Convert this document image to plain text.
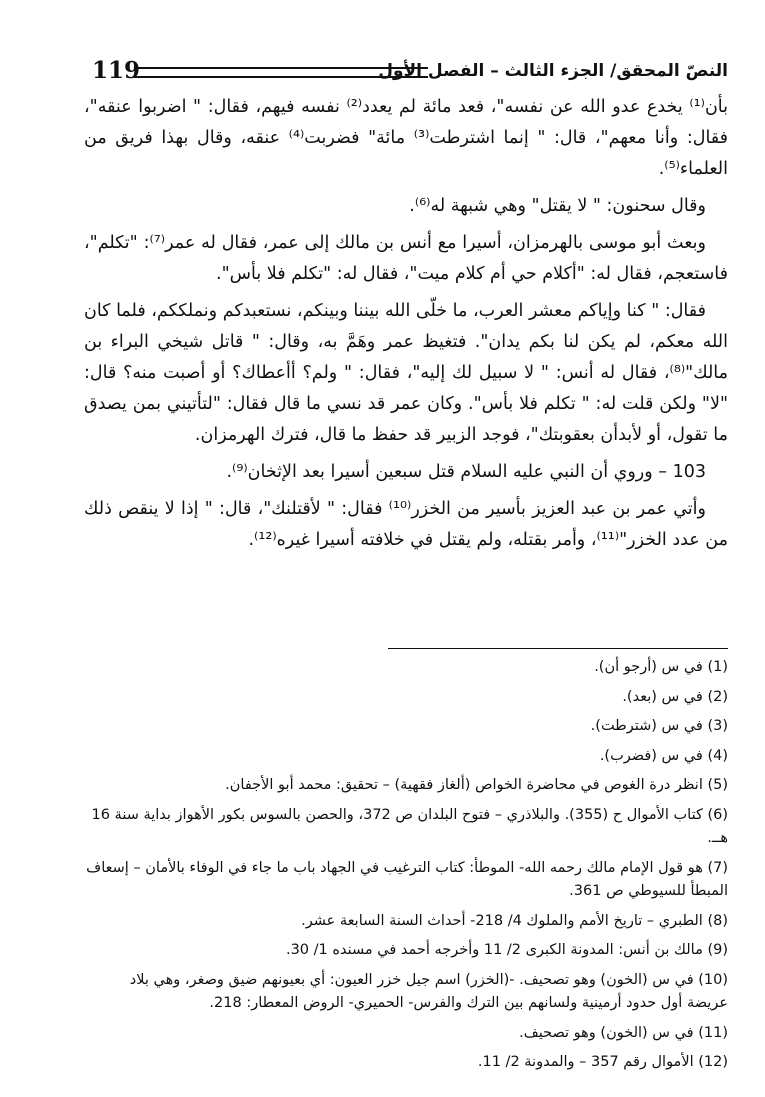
119	النصّ المحقق/ الجزء الثالث – الفصل الأول

بأن⁽¹⁾ يخدع عدو الله عن نفسه"، فعد مائة لم يعدد⁽²⁾ نفسه فيهم، فقال: " اضربوا عنقه"، فقال: وأنا معهم"، قال: " إنما اشترطت⁽³⁾ مائة" فضربت⁽⁴⁾ عنقه، وقال بهذا فريق من العلماء⁽⁵⁾.

وقال سحنون: " لا يقتل" وهي شبهة له⁽⁶⁾.

وبعث أبو موسى بالهرمزان، أسيرا مع أنس بن مالك إلى عمر، فقال له عمر⁽⁷⁾: "تكلم"، فاستعجم، فقال له: "أكلام حي أم كلام ميت"، فقال له: "تكلم فلا بأس".

فقال: " كنا وإياكم معشر العرب، ما خلّى الله بيننا وبينكم، نستعبدكم ونملككم، فلما كان الله معكم، لم يكن لنا بكم يدان". فتغيظ عمر وهَمَّ به، وقال: " قاتل شيخي البراء بن مالك"⁽⁸⁾، فقال له أنس: " لا سبيل لك إليه"، فقال: " ولم؟ أأعطاك؟ أو أصبت منه؟ قال: "لا" ولكن قلت له: " تكلم فلا بأس". وكان عمر قد نسي ما قال فقال: "لتأتيني بمن يصدق ما تقول، أو لأبدأن بعقوبتك"، فوجد الزبير قد حفظ ما قال، فترك الهرمزان.

103 – وروي أن النبي عليه السلام قتل سبعين أسيرا بعد الإثخان⁽⁹⁾.

وأتي عمر بن عبد العزيز بأسير من الخزر⁽¹⁰⁾ فقال: " لأقتلنك"، قال: " إذا لا ينقص ذلك من عدد الخزر"⁽¹¹⁾، وأمر بقتله، ولم يقتل في خلافته أسيرا غيره⁽¹²⁾.

(1) في س (أرجو أن).
(2) في س (بعد).
(3) في س (شترطت).
(4) في س (فضرب).
(5) انظر درة الغوص في محاضرة الخواص (ألغاز فقهية) – تحقيق: محمد أبو الأجفان.
(6) كتاب الأموال ح (355). والبلاذري – فتوح البلدان ص 372، والحصن بالسوس بكور الأهواز بداية سنة 16 هــ.
(7) هو قول الإمام مالك رحمه الله- الموطأ: كتاب الترغيب في الجهاد باب ما جاء في الوفاء بالأمان – إسعاف المبطأ للسيوطي ص 361.
(8) الطبري – تاريخ الأمم والملوك 4/ 218- أحداث السنة السابعة عشر.
(9) مالك بن أنس: المدونة الكبرى 2/ 11 وأخرجه أحمد في مسنده 1/ 30.
(10) في س (الخون) وهو تصحيف. -(الخزر) اسم جيل خزر العيون: أي بعيونهم ضيق وصغر، وهي بلاد عريضة أول حدود أرمينية ولسانهم بين الترك والفرس- الحميري- الروض المعطار: 218.
(11) في س (الخون) وهو تصحيف.
(12) الأموال رقم 357 – والمدونة 2/ 11.
